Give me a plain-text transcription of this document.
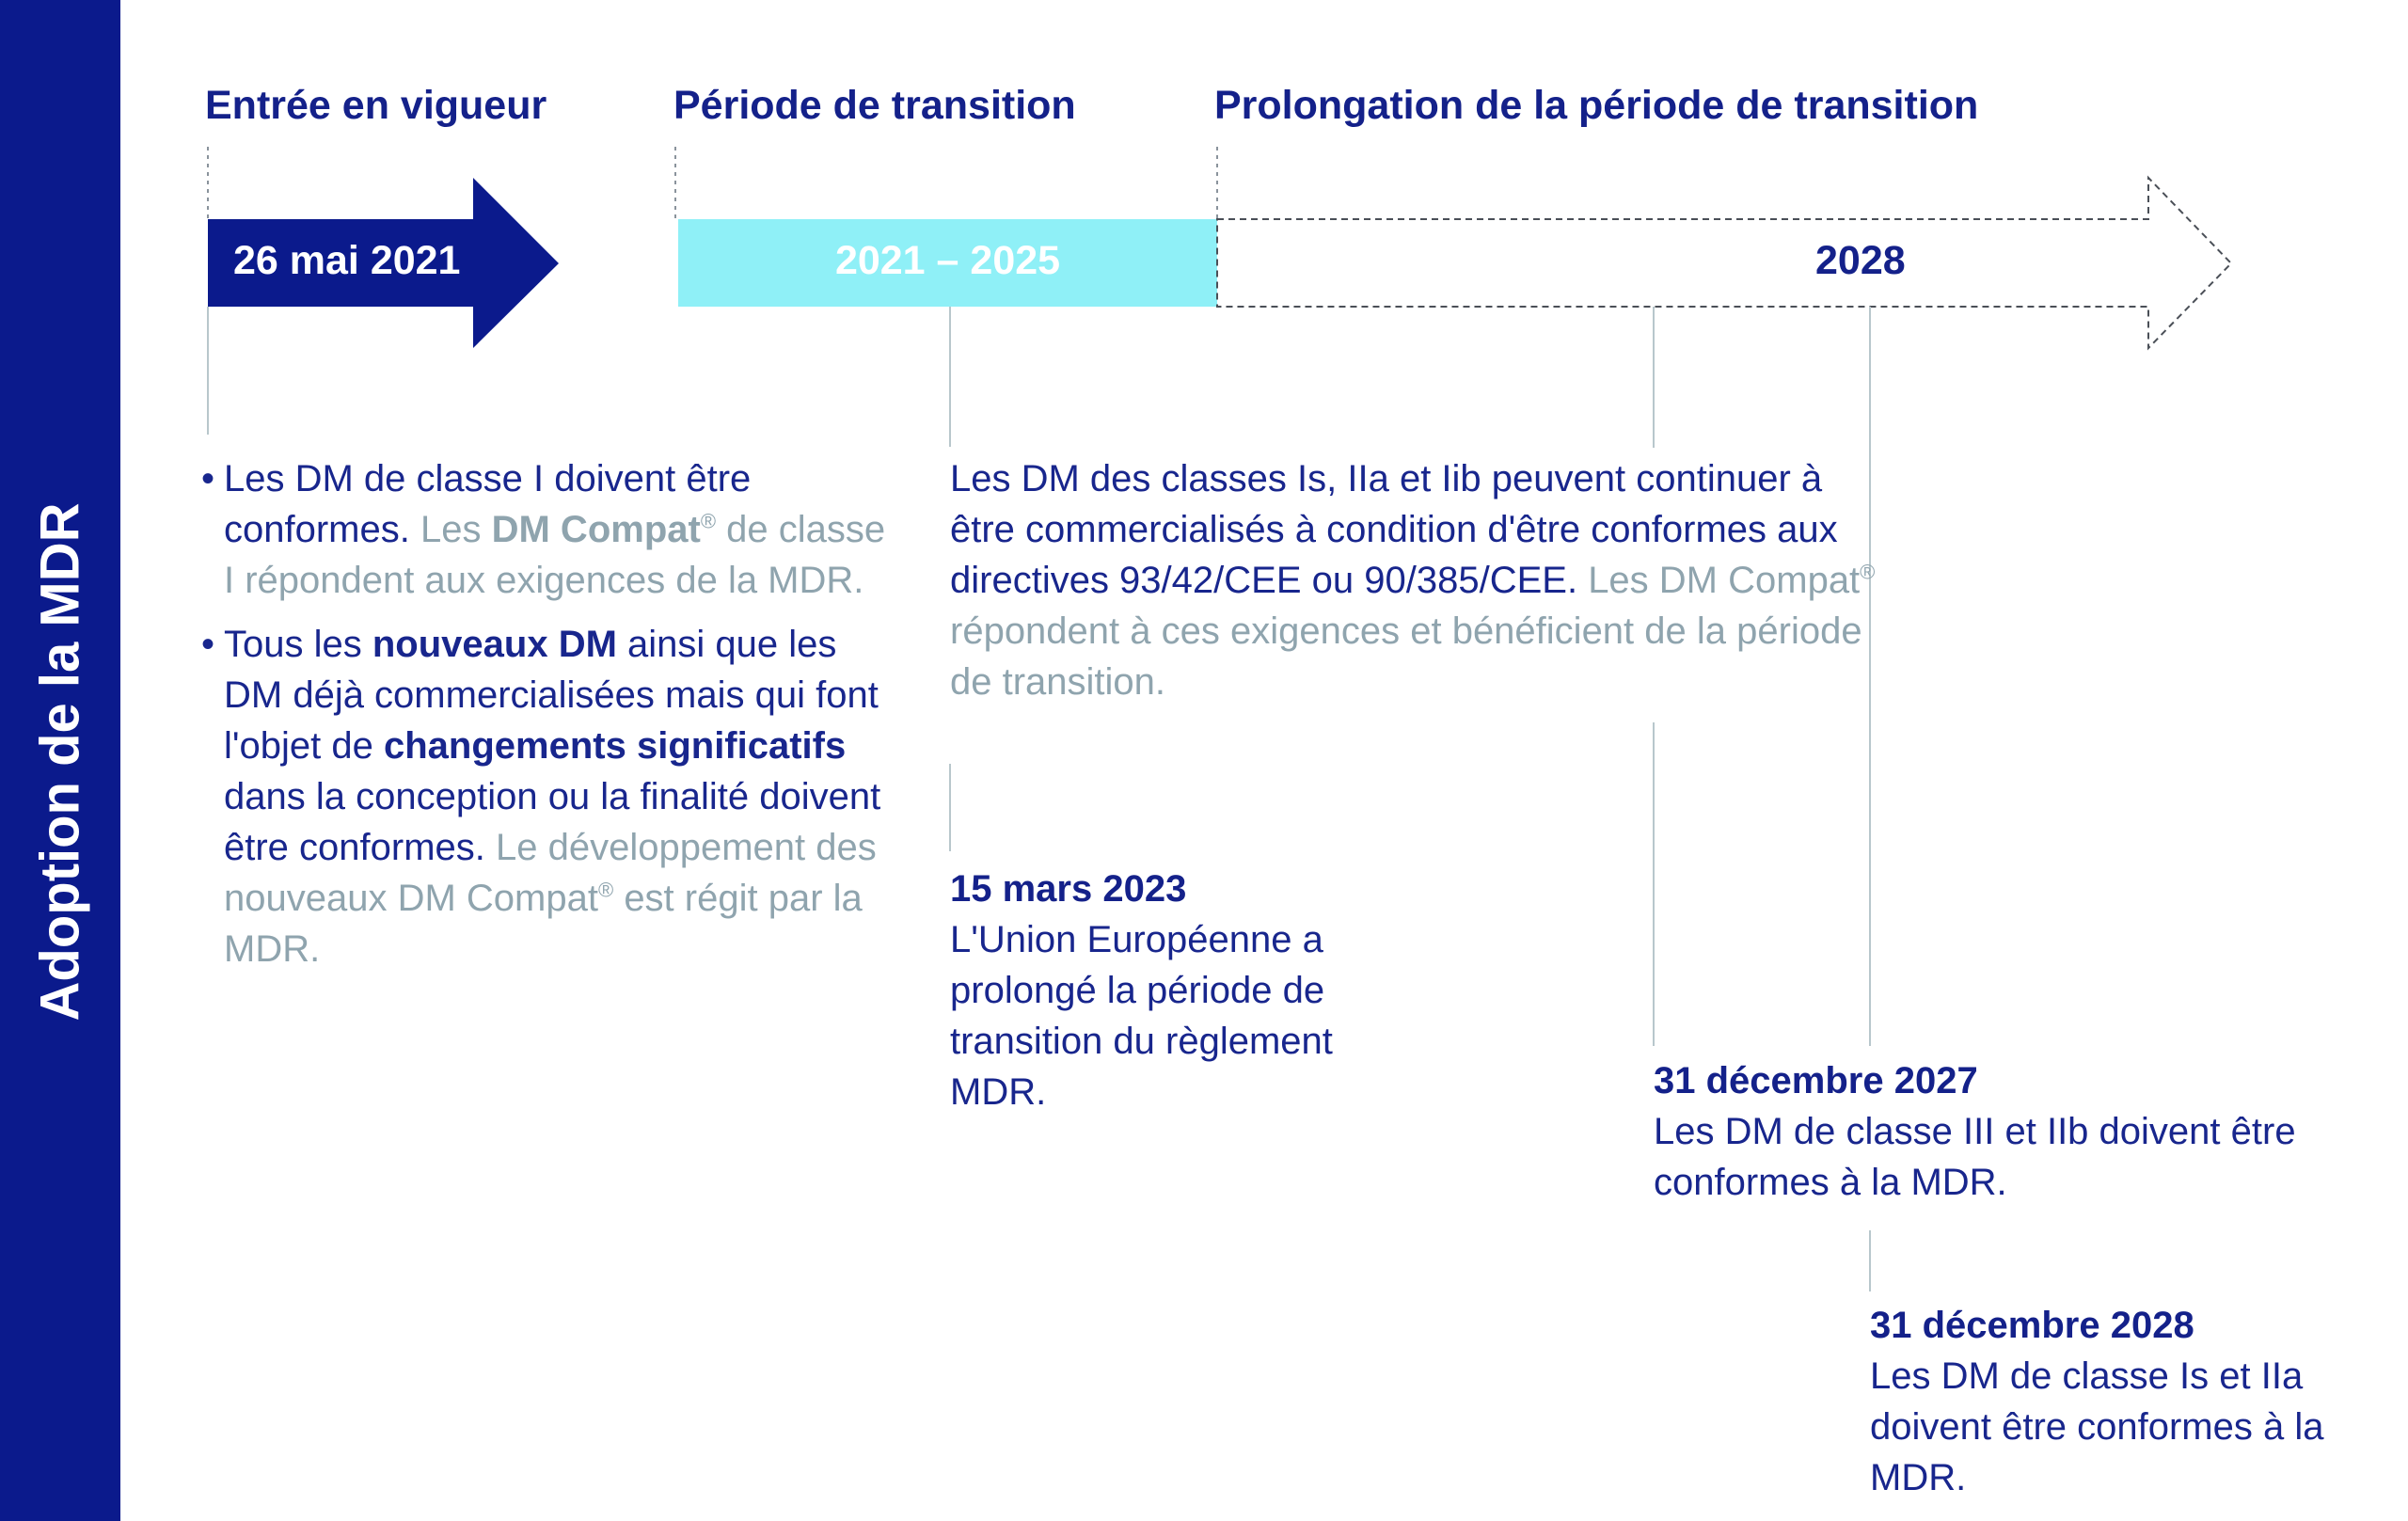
Adoption de la MDR
Entrée en vigueur	Période de transition	Prolongation de la période de transition
26 mai 2021	2021 – 2025	2028
• Les DM de classe I doivent être conformes. Les DM Compat® de classe I répondent aux exigences de la MDR.
• Tous les nouveaux DM ainsi que les DM déjà commercialisées mais qui font l'objet de changements significatifs dans la conception ou la finalité doivent être conformes. Le développement des nouveaux DM Compat® est régit par la MDR.
Les DM des classes Is, IIa et Iib peuvent continuer à être commercialisés à condition d'être conformes aux directives 93/42/CEE ou 90/385/CEE. Les DM Compat® répondent à ces exigences et bénéficient de la période de transition.
15 mars 2023
L'Union Européenne a prolongé la période de transition du règlement MDR.	31 décembre 2027
Les DM de classe III et IIb doivent être conformes à la MDR.
31 décembre 2028
Les DM de classe Is et IIa doivent être conformes à la MDR.
